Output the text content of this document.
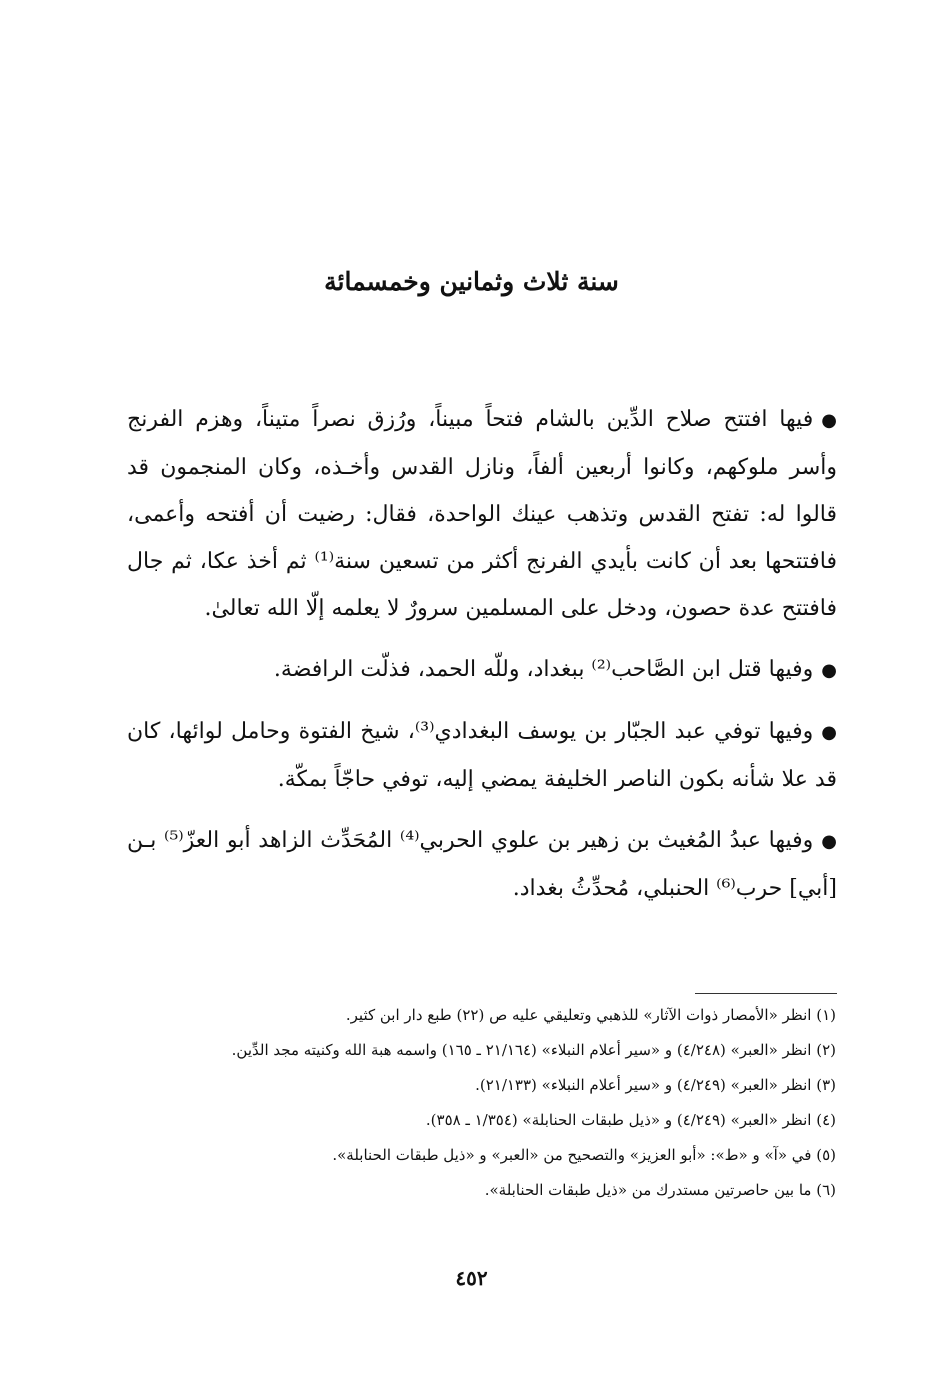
سنة ثلاث وثمانين وخمسمائة

●فيها افتتح صلاح الدِّين بالشام فتحاً مبيناً، ورُزق نصراً متيناً، وهزم الفرنج وأسر ملوكهم، وكانوا أربعين ألفاً، ونازل القدس وأخـذه، وكان المنجمون قد قالوا له: تفتح القدس وتذهب عينك الواحدة، فقال: رضيت أن أفتحه وأعمى، فافتتحها بعد أن كانت بأيدي الفرنج أكثر من تسعين سنة⁽¹⁾ ثم أخذ عكا، ثم جال فافتتح عدة حصون، ودخل على المسلمين سرورٌ لا يعلمه إلّا الله تعالىٰ.

●وفيها قتل ابن الصَّاحب⁽²⁾ ببغداد، وللّه الحمد، فذلّت الرافضة.

●وفيها توفي عبد الجبّار بن يوسف البغدادي⁽³⁾، شيخ الفتوة وحامل لوائها، كان قد علا شأنه بكون الناصر الخليفة يمضي إليه، توفي حاجّاً بمكّة.

●وفيها عبدُ المُغيث بن زهير بن علوي الحربي⁽⁴⁾ المُحَدِّث الزاهد أبو العزّ⁽⁵⁾ بـن [أبي] حرب⁽⁶⁾ الحنبلي، مُحدِّثُ بغداد.

(١) انظر «الأمصار ذوات الآثار» للذهبي وتعليقي عليه ص (٢٢) طبع دار ابن كثير.

(٢) انظر «العبر» (٤/٢٤٨) و «سير أعلام النبلاء» (٢١/١٦٤ ـ ١٦٥) واسمه هبة الله وكنيته مجد الدِّين.

(٣) انظر «العبر» (٤/٢٤٩) و «سير أعلام النبلاء» (٢١/١٣٣).

(٤) انظر «العبر» (٤/٢٤٩) و «ذيل طبقات الحنابلة» (١/٣٥٤ ـ ٣٥٨).

(٥) في «آ» و «ط»: «أبو العزيز» والتصحيح من «العبر» و «ذيل طبقات الحنابلة».

(٦) ما بين حاصرتين مستدرك من «ذيل طبقات الحنابلة».

٤٥٢
